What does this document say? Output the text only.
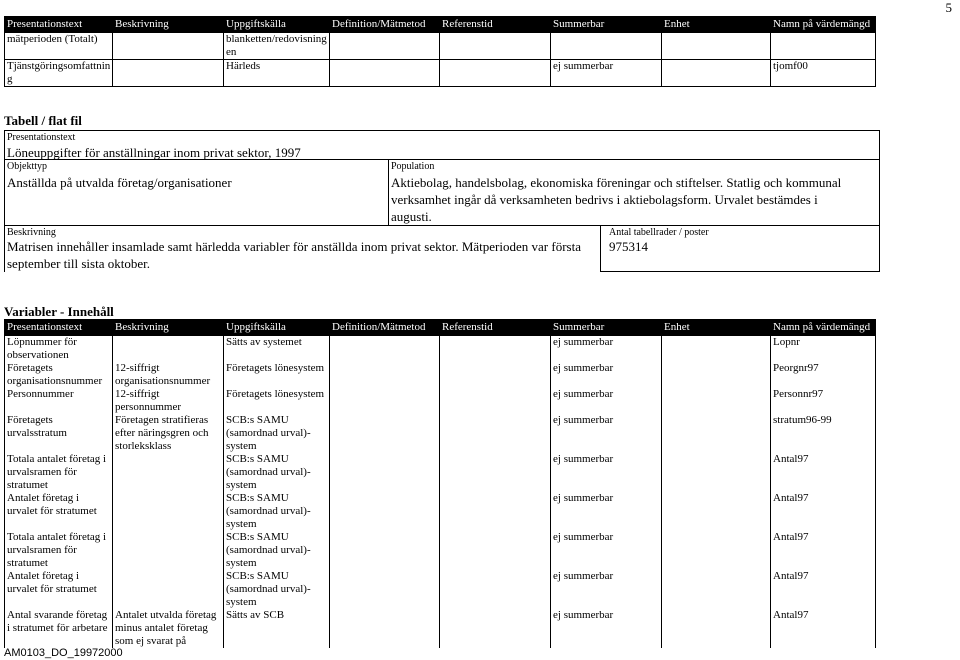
5
Presentationstext	Beskrivning	Uppgiftskälla	Definition/Mätmetod	Referenstid	Summerbar	Enhet	Namn på värdemängd
mätperioden (Totalt)		blanketten/redovisning en					
Tjänstgöringsomfattnin g		Härleds			ej summerbar		tjomf00
Tabell / flat fil
Presentationstext
Löneuppgifter för anställningar inom privat sektor, 1997
Objekttyp
Anställda på utvalda företag/organisationer
Population
Aktiebolag, handelsbolag, ekonomiska föreningar och stiftelser. Statlig och kommunal verksamhet ingår då verksamheten bedrivs i aktiebolagsform. Urvalet bestämdes i augusti.
Beskrivning
Matrisen innehåller insamlade samt härledda variabler för anställda inom privat sektor. Mätperioden var första september till sista oktober.
Antal tabellrader / poster
975314
Variabler - Innehåll
Presentationstext	Beskrivning	Uppgiftskälla	Definition/Mätmetod	Referenstid	Summerbar	Enhet	Namn på värdemängd
Löpnummer för observationen		Sätts av systemet			ej summerbar		Lopnr
Företagets organisationsnummer	12-siffrigt organisationsnummer	Företagets lönesystem			ej summerbar		Peorgnr97
Personnummer	12-siffrigt personnummer	Företagets lönesystem			ej summerbar		Personnr97
Företagets urvalsstratum	Företagen stratifieras efter näringsgren och storleksklass	SCB:s SAMU (samordnad urval)-system			ej summerbar		stratum96-99
Totala antalet företag i urvalsramen för stratumet		SCB:s SAMU (samordnad urval)-system			ej summerbar		Antal97
Antalet företag i urvalet för stratumet		SCB:s SAMU (samordnad urval)-system			ej summerbar		Antal97
Totala antalet företag i urvalsramen för stratumet		SCB:s SAMU (samordnad urval)-system			ej summerbar		Antal97
Antalet företag i urvalet för stratumet		SCB:s SAMU (samordnad urval)-system			ej summerbar		Antal97
Antal svarande företag i stratumet för arbetare	Antalet utvalda företag minus antalet företag som ej svarat på	Sätts av SCB			ej summerbar		Antal97
AM0103_DO_19972000
